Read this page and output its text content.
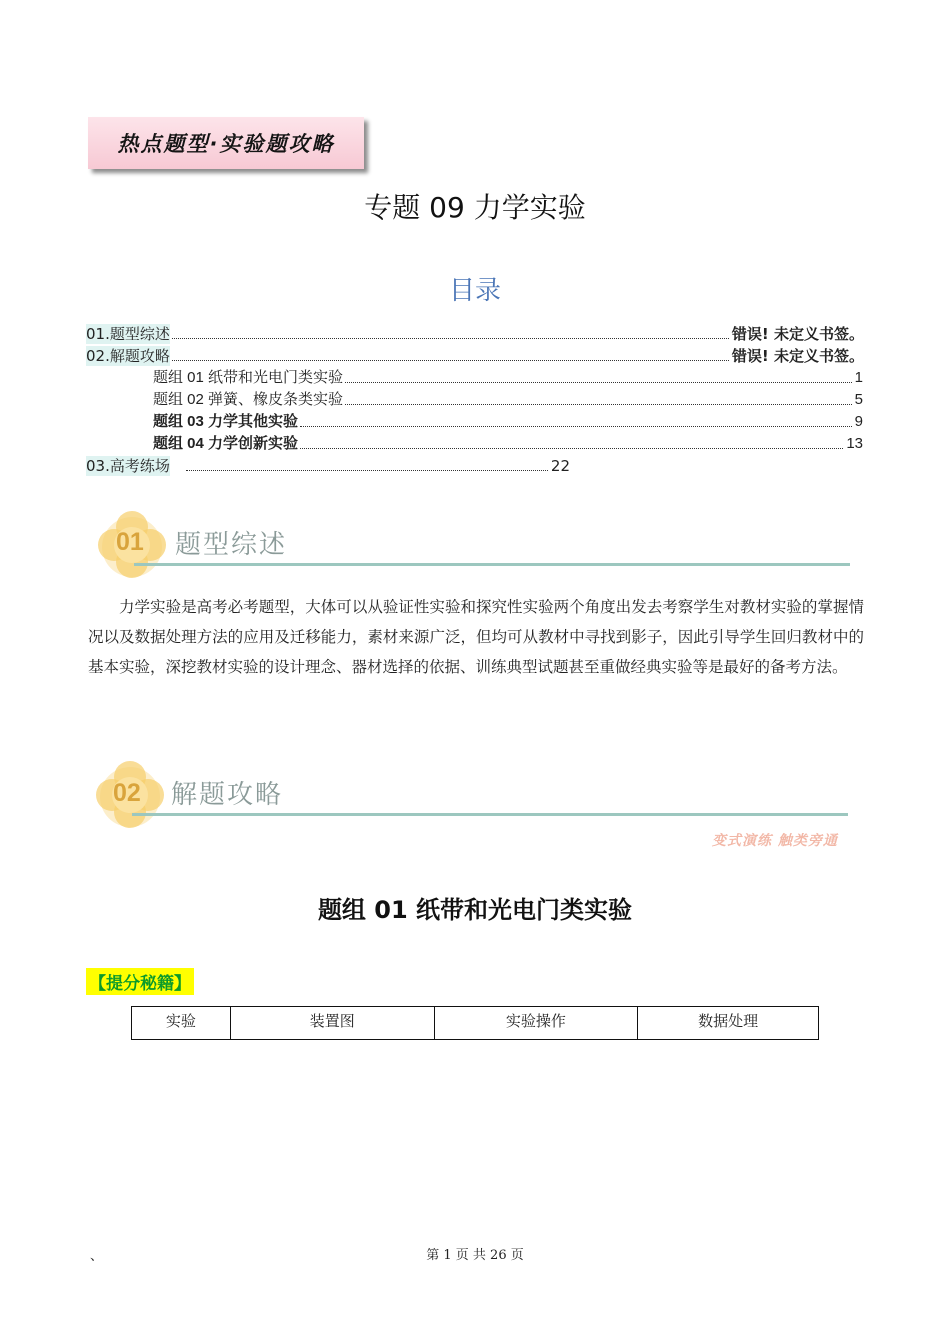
热点题型·实验题攻略
专题 09 力学实验
目录
01.题型综述	错误! 未定义书签。
02.解题攻略	错误! 未定义书签。
题组 01 纸带和光电门类实验	1
题组 02 弹簧、橡皮条类实验	5
题组 03 力学其他实验	9
题组 04 力学创新实验	13
03.高考练场	22
01 题型综述
力学实验是高考必考题型，大体可以从验证性实验和探究性实验两个角度出发去考察学生对教材实验的掌握情况以及数据处理方法的应用及迁移能力，素材来源广泛，但均可从教材中寻找到影子，因此引导学生回归教材中的基本实验，深挖教材实验的设计理念、器材选择的依据、训练典型试题甚至重做经典实验等是最好的备考方法。
02 解题攻略
变式演练 触类旁通
题组 01 纸带和光电门类实验
【提分秘籍】
实验	装置图	实验操作	数据处理
、	第 1 页 共 26 页
